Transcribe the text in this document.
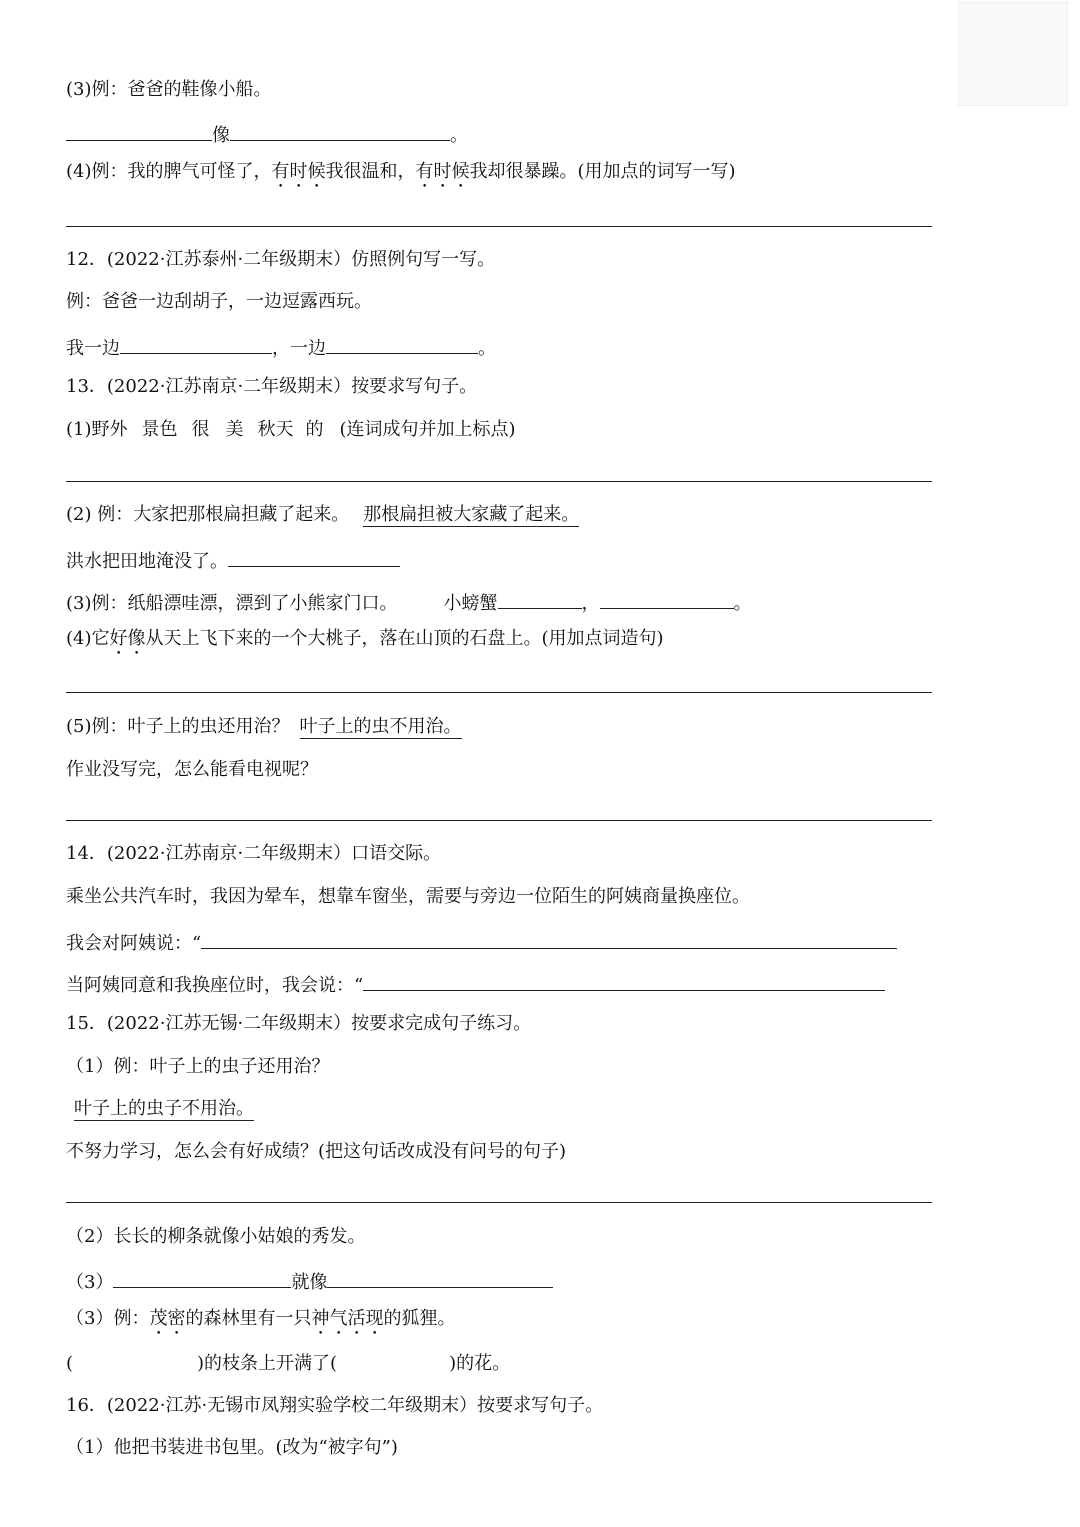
(3)例：爸爸的鞋像小船。
像	。
(4)例：我的脾气可怪了，有时候我很温和，有时候我却很暴躁。(用加点的词写一写)
12．(2022·江苏泰州·二年级期末）仿照例句写一写。
例：爸爸一边刮胡子，一边逗露西玩。
我一边	，一边	。
13．(2022·江苏南京·二年级期末）按要求写句子。
(1)野外 景色 很 美 秋天 的 (连词成句并加上标点)
(2) 例：大家把那根扁担藏了起来。 那根扁担被大家藏了起来。
洪水把田地淹没了。
(3)例：纸船漂哇漂，漂到了小熊家门口。	小螃蟹	，	。
(4)它好像从天上飞下来的一个大桃子，落在山顶的石盘上。(用加点词造句)
(5)例：叶子上的虫还用治？ 叶子上的虫不用治。
作业没写完，怎么能看电视呢？
14．(2022·江苏南京·二年级期末）口语交际。
乘坐公共汽车时，我因为晕车，想靠车窗坐，需要与旁边一位陌生的阿姨商量换座位。
我会对阿姨说：“
当阿姨同意和我换座位时，我会说：“
15．(2022·江苏无锡·二年级期末）按要求完成句子练习。
（1）例：叶子上的虫子还用治？
叶子上的虫子不用治。
不努力学习，怎么会有好成绩？(把这句话改成没有问号的句子)
（2）长长的柳条就像小姑娘的秀发。
（3）	就像
（3）例：茂密的森林里有一只神气活现的狐狸。
(	)的枝条上开满了(	)的花。
16．(2022·江苏·无锡市凤翔实验学校二年级期末）按要求写句子。
（1）他把书装进书包里。(改为“被字句”)
